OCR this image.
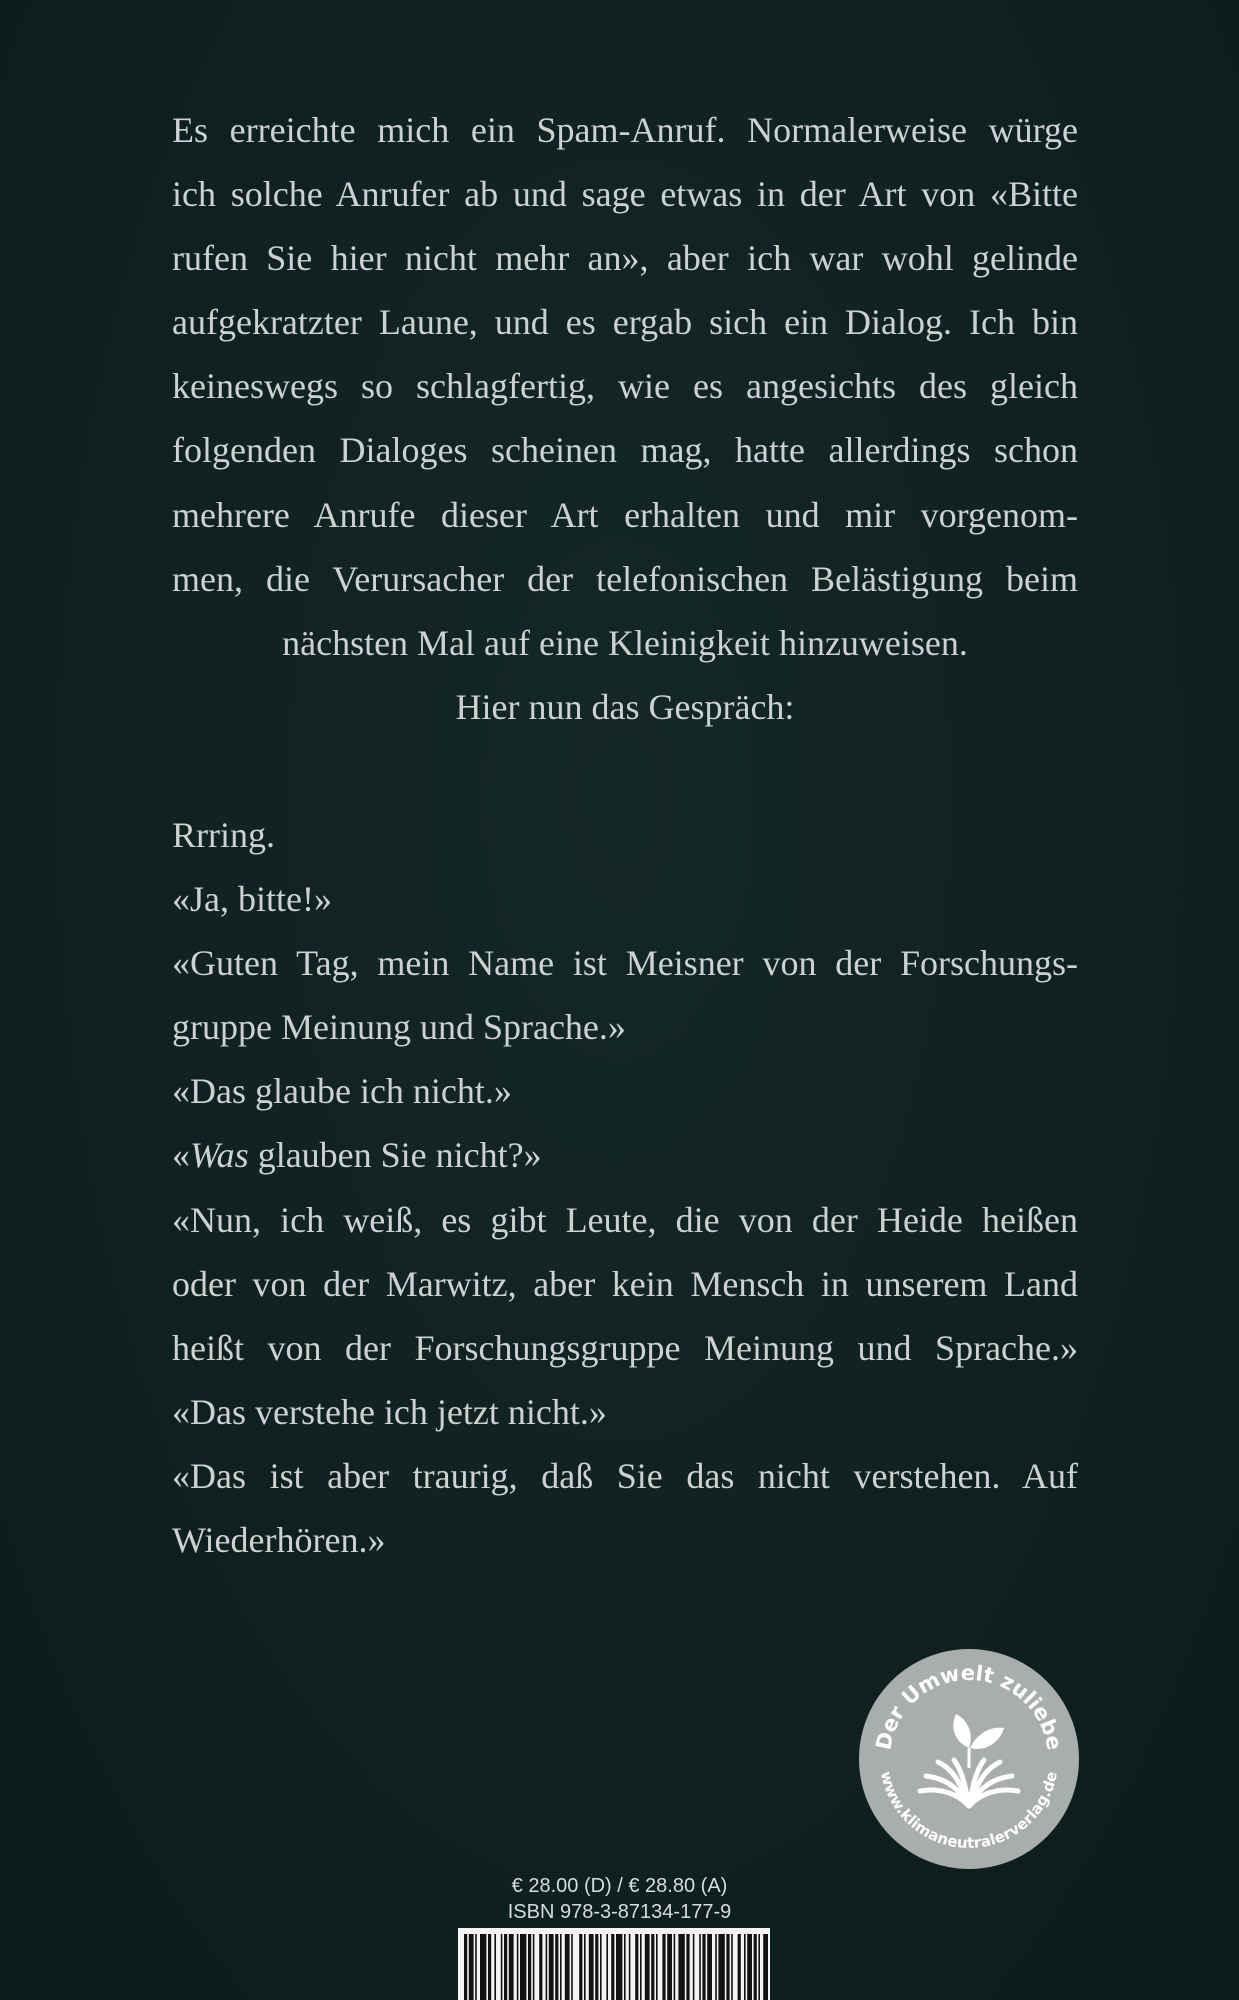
Es erreichte mich ein Spam-Anruf. Normalerweise würge

ich solche Anrufer ab und sage etwas in der Art von «Bitte

rufen Sie hier nicht mehr an», aber ich war wohl gelinde

aufgekratzter Laune, und es ergab sich ein Dialog. Ich bin

keineswegs so schlagfertig, wie es angesichts des gleich

folgenden Dialoges scheinen mag, hatte allerdings schon

mehrere Anrufe dieser Art erhalten und mir vorgenom-

men, die Verursacher der telefonischen Belästigung beim

nächsten Mal auf eine Kleinigkeit hinzuweisen.

Hier nun das Gespräch:

Rrring.

«Ja, bitte!»

«Guten Tag, mein Name ist Meisner von der Forschungs-

gruppe Meinung und Sprache.»

«Das glaube ich nicht.»

«Was glauben Sie nicht?»

«Nun, ich weiß, es gibt Leute, die von der Heide heißen

oder von der Marwitz, aber kein Mensch in unserem Land

heißt von der Forschungsgruppe Meinung und Sprache.»

«Das verstehe ich jetzt nicht.»

«Das ist aber traurig, daß Sie das nicht verstehen. Auf

Wiederhören.»

Der Umwelt zuliebe
www.klimaneutralerverlag.de
€ 28.00 (D) / € 28.80 (A)
ISBN 978-3-87134-177-9
